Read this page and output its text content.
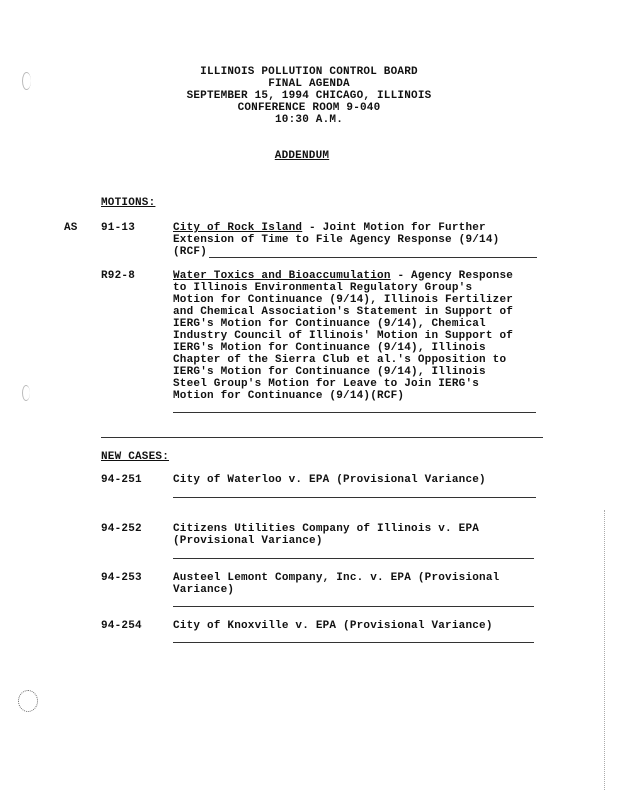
ILLINOIS POLLUTION CONTROL BOARD
FINAL AGENDA
SEPTEMBER 15, 1994 CHICAGO, ILLINOIS
CONFERENCE ROOM 9-040
10:30 A.M.
ADDENDUM
MOTIONS:
AS 91-13	City of Rock Island - Joint Motion for Further
Extension of Time to File Agency Response (9/14)
(RCF)
R92-8	Water Toxics and Bioaccumulation - Agency Response
to Illinois Environmental Regulatory Group's
Motion for Continuance (9/14), Illinois Fertilizer
and Chemical Association's Statement in Support of
IERG's Motion for Continuance (9/14), Chemical
Industry Council of Illinois' Motion in Support of
IERG's Motion for Continuance (9/14), Illinois
Chapter of the Sierra Club et al.'s Opposition to
IERG's Motion for Continuance (9/14), Illinois
Steel Group's Motion for Leave to Join IERG's
Motion for Continuance (9/14)(RCF)
NEW CASES:
94-251	City of Waterloo v. EPA (Provisional Variance)
94-252	Citizens Utilities Company of Illinois v. EPA
(Provisional Variance)
94-253	Austeel Lemont Company, Inc. v. EPA (Provisional
Variance)
94-254	City of Knoxville v. EPA (Provisional Variance)
